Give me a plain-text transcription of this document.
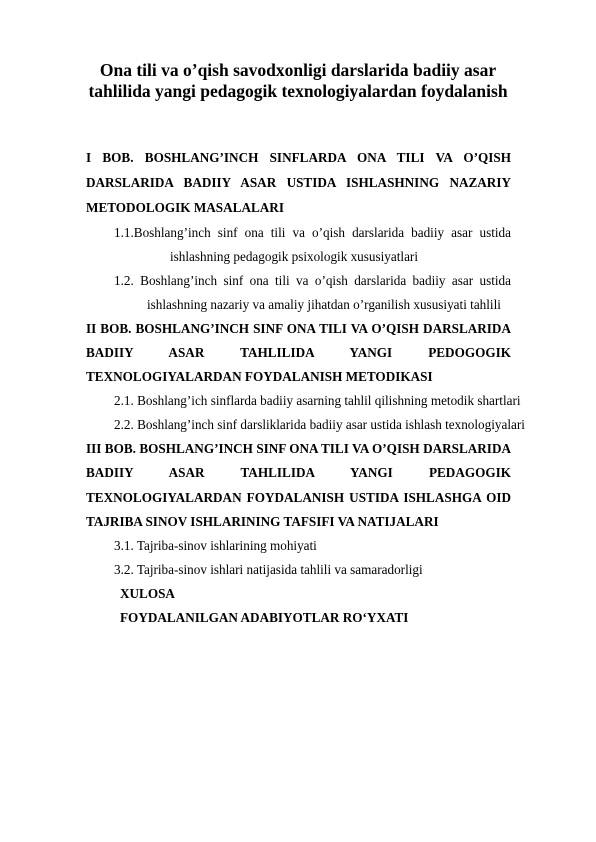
Ona tili va o’qish savodxonligi darslarida badiiy asar
tahlilida yangi pedagogik texnologiyalardan foydalanish
I BOB. BOSHLANG’INCH SINFLARDA ONA TILI VA O’QISH
DARSLARIDA BADIIY ASAR USTIDA ISHLASHNING NAZARIY
METODOLOGIK MASALALARI
1.1.Boshlang’inch sinf ona tili va o’qish darslarida badiiy asar ustida
ishlashning pedagogik psixologik xususiyatlari
1.2. Boshlang’inch sinf ona tili va o’qish darslarida badiiy asar ustida
ishlashning nazariy va amaliy jihatdan o’rganilish xususiyati tahlili
II BOB. BOSHLANG’INCH SINF ONA TILI VA O’QISH DARSLARIDA
BADIIY ASAR TAHLILIDA YANGI PEDOGOGIK
TEXNOLOGIYALARDAN FOYDALANISH METODIKASI
2.1. Boshlang’ich sinflarda badiiy asarning tahlil qilishning metodik shartlari
2.2. Boshlang’inch sinf darsliklarida badiiy asar ustida ishlash texnologiyalari
III BOB. BOSHLANG’INCH SINF ONA TILI VA O’QISH DARSLARIDA
BADIIY ASAR TAHLILIDA YANGI PEDAGOGIK
TEXNOLOGIYALARDAN FOYDALANISH USTIDA ISHLASHGA OID
TAJRIBA SINOV ISHLARINING TAFSIFI VA NATIJALARI
3.1. Tajriba-sinov ishlarining mohiyati
3.2. Tajriba-sinov ishlari natijasida tahlili va samaradorligi
XULOSA
FOYDALANILGAN ADABIYOTLAR RO‘YXATI
